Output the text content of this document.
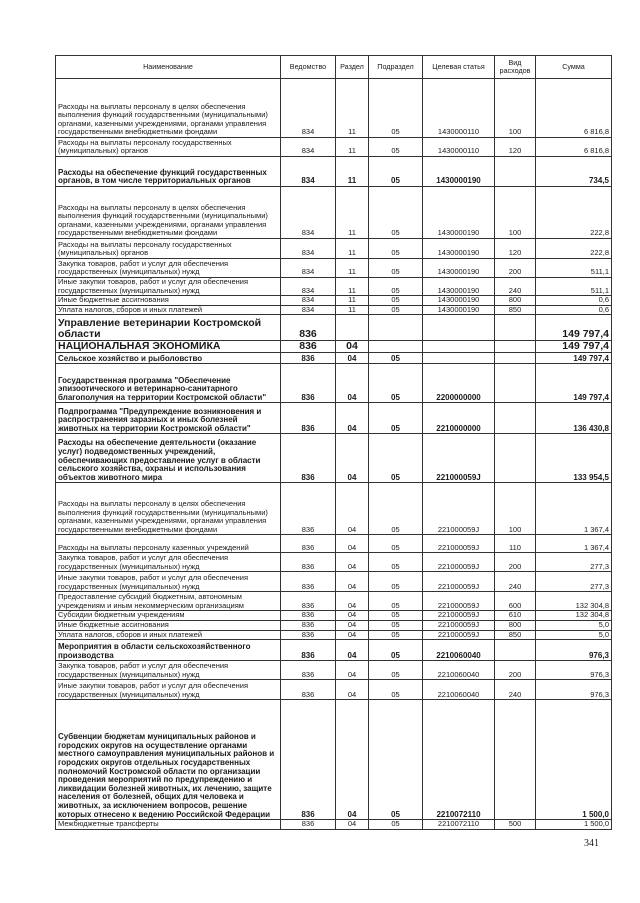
Наименование	Ведомство	Раздел	Подраздел	Целевая статья	Вид расходов	Сумма
Расходы на выплаты персоналу в целях обеспечения выполнения функций государственными (муниципальными) органами, казенными учреждениями, органами управления государственными внебюджетными фондами	834	11	05	1430000110	100	6 816,8
Расходы на выплаты персоналу государственных (муниципальных) органов	834	11	05	1430000110	120	6 816,8
Расходы на обеспечение функций государственных органов, в том числе территориальных органов	834	11	05	1430000190		734,5
Расходы на выплаты персоналу в целях обеспечения выполнения функций государственными (муниципальными) органами, казенными учреждениями, органами управления государственными внебюджетными фондами	834	11	05	1430000190	100	222,8
Расходы на выплаты персоналу государственных (муниципальных) органов	834	11	05	1430000190	120	222,8
Закупка товаров, работ и услуг для обеспечения государственных (муниципальных) нужд	834	11	05	1430000190	200	511,1
Иные закупки товаров, работ и услуг для обеспечения государственных (муниципальных) нужд	834	11	05	1430000190	240	511,1
Иные бюджетные ассигнования	834	11	05	1430000190	800	0,6
Уплата налогов, сборов и иных платежей	834	11	05	1430000190	850	0,6
Управление ветеринарии Костромской области	836					149 797,4
НАЦИОНАЛЬНАЯ ЭКОНОМИКА	836	04				149 797,4
Сельское хозяйство и рыболовство	836	04	05			149 797,4
Государственная программа "Обеспечение эпизоотического и ветеринарно-санитарного благополучия на территории Костромской области"	836	04	05	2200000000		149 797,4
Подпрограмма "Предупреждение возникновения и распространения заразных и иных болезней животных на территории Костромской области"	836	04	05	2210000000		136 430,8
Расходы на обеспечение деятельности (оказание услуг) подведомственных учреждений, обеспечивающих предоставление услуг в области сельского хозяйства, охраны и использования объектов животного мира	836	04	05	221000059J		133 954,5
Расходы на выплаты персоналу в целях обеспечения выполнения функций государственными (муниципальными) органами, казенными учреждениями, органами управления государственными внебюджетными фондами	836	04	05	221000059J	100	1 367,4
Расходы на выплаты персоналу казенных учреждений	836	04	05	221000059J	110	1 367,4
Закупка товаров, работ и услуг для обеспечения государственных (муниципальных) нужд	836	04	05	221000059J	200	277,3
Иные закупки товаров, работ и услуг для обеспечения государственных (муниципальных) нужд	836	04	05	221000059J	240	277,3
Предоставление субсидий бюджетным, автономным учреждениям и иным некоммерческим организациям	836	04	05	221000059J	600	132 304,8
Субсидии бюджетным учреждениям	836	04	05	221000059J	610	132 304,8
Иные бюджетные ассигнования	836	04	05	221000059J	800	5,0
Уплата налогов, сборов и иных платежей	836	04	05	221000059J	850	5,0
Мероприятия в области сельскохозяйственного производства	836	04	05	2210060040		976,3
Закупка товаров, работ и услуг для обеспечения государственных (муниципальных) нужд	836	04	05	2210060040	200	976,3
Иные закупки товаров, работ и услуг для обеспечения государственных (муниципальных) нужд	836	04	05	2210060040	240	976,3
Субвенции бюджетам муниципальных районов и городских округов на осуществление органами местного самоуправления муниципальных районов и городских округов отдельных государственных полномочий Костромской области по организации проведения мероприятий по предупреждению и ликвидации болезней животных, их лечению, защите населения от болезней, общих для человека и животных, за исключением вопросов, решение которых отнесено к ведению Российской Федерации	836	04	05	2210072110		1 500,0
Межбюджетные трансферты	836	04	05	2210072110	500	1 500,0
341
